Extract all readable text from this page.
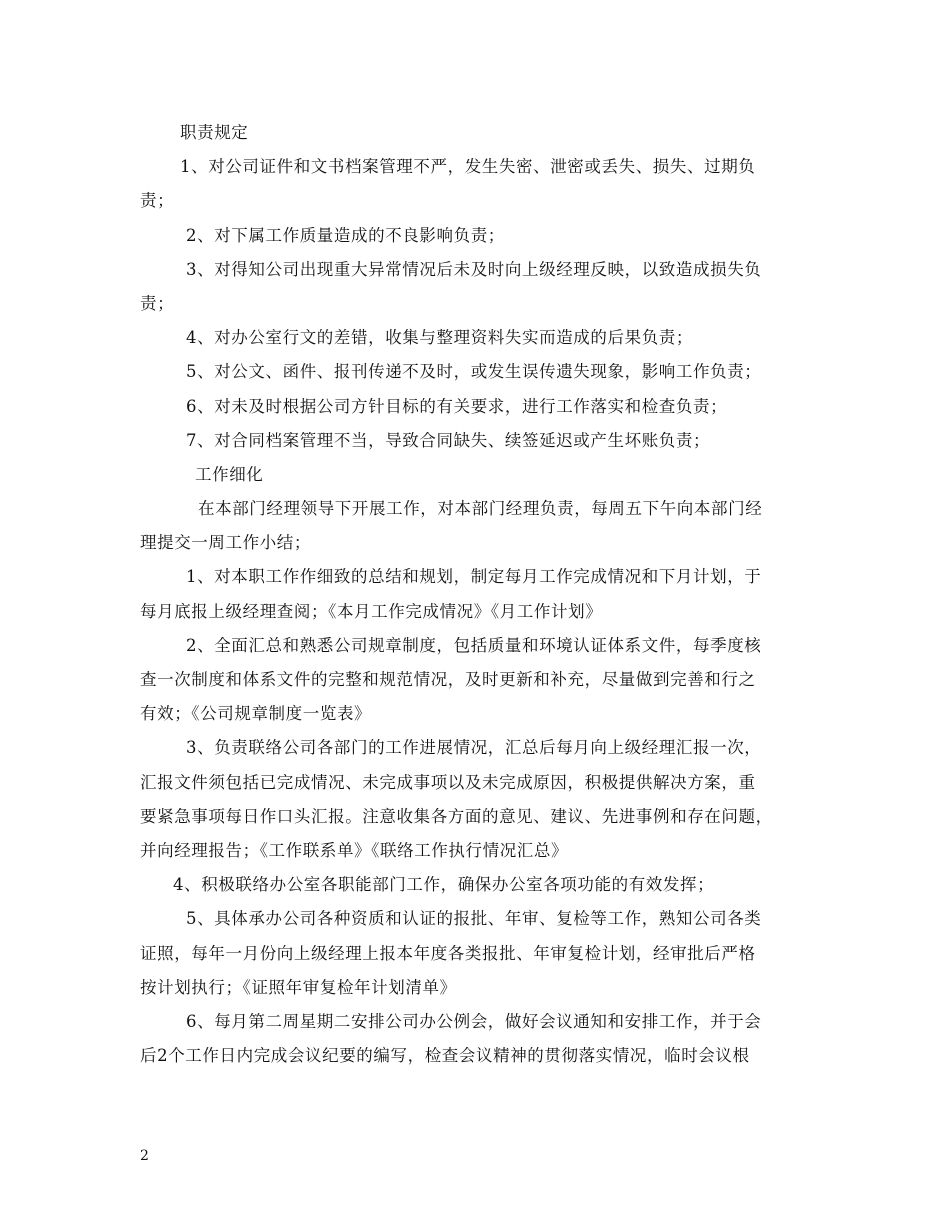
职责规定
1、对公司证件和文书档案管理不严，发生失密、泄密或丢失、损失、过期负
责；
2、对下属工作质量造成的不良影响负责；
3、对得知公司出现重大异常情况后未及时向上级经理反映，以致造成损失负
责；
4、对办公室行文的差错，收集与整理资料失实而造成的后果负责；
5、对公文、函件、报刊传递不及时，或发生误传遗失现象，影响工作负责；
6、对未及时根据公司方针目标的有关要求，进行工作落实和检查负责；
7、对合同档案管理不当，导致合同缺失、续签延迟或产生坏账负责；
工作细化
在本部门经理领导下开展工作，对本部门经理负责，每周五下午向本部门经
理提交一周工作小结；
1、对本职工作作细致的总结和规划，制定每月工作完成情况和下月计划，于
每月底报上级经理查阅；《本月工作完成情况》《月工作计划》
2、全面汇总和熟悉公司规章制度，包括质量和环境认证体系文件，每季度核
查一次制度和体系文件的完整和规范情况，及时更新和补充，尽量做到完善和行之
有效；《公司规章制度一览表》
3、负责联络公司各部门的工作进展情况，汇总后每月向上级经理汇报一次，
汇报文件须包括已完成情况、未完成事项以及未完成原因，积极提供解决方案，重
要紧急事项每日作口头汇报。注意收集各方面的意见、建议、先进事例和存在问题，
并向经理报告；《工作联系单》《联络工作执行情况汇总》
4、积极联络办公室各职能部门工作，确保办公室各项功能的有效发挥；
5、具体承办公司各种资质和认证的报批、年审、复检等工作，熟知公司各类
证照，每年一月份向上级经理上报本年度各类报批、年审复检计划，经审批后严格
按计划执行；《证照年审复检年计划清单》
6、每月第二周星期二安排公司办公例会，做好会议通知和安排工作，并于会
后2个工作日内完成会议纪要的编写，检查会议精神的贯彻落实情况，临时会议根
2
